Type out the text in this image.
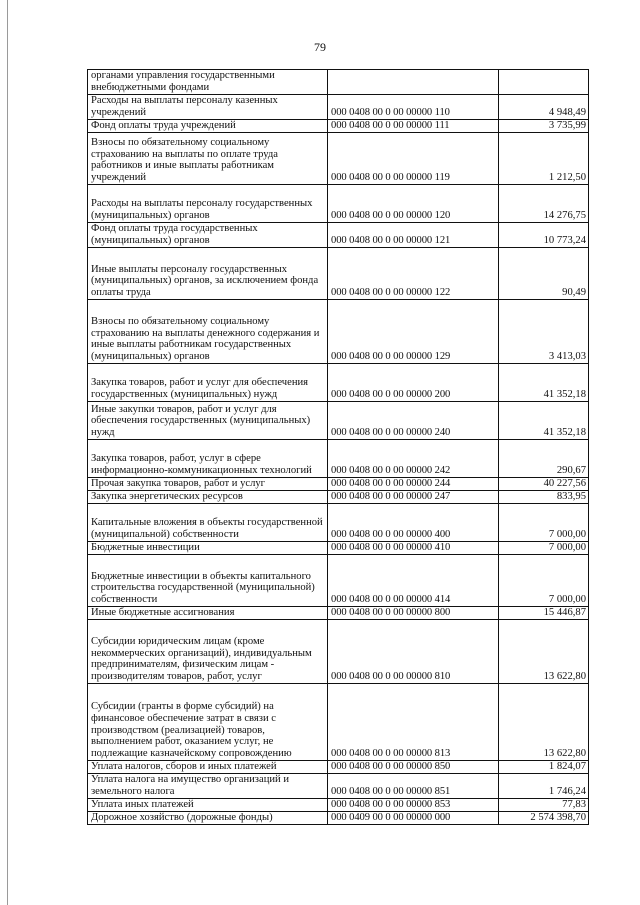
79
органами управления государственными внебюджетными фондами		
Расходы на выплаты персоналу казенных учреждений	000 0408 00 0 00 00000 110	4 948,49
Фонд оплаты труда учреждений	000 0408 00 0 00 00000 111	3 735,99
Взносы по обязательному социальному страхованию на выплаты по оплате труда работников и иные выплаты работникам учреждений	000 0408 00 0 00 00000 119	1 212,50
Расходы на выплаты персоналу государственных (муниципальных) органов	000 0408 00 0 00 00000 120	14 276,75
Фонд оплаты труда государственных (муниципальных) органов	000 0408 00 0 00 00000 121	10 773,24
Иные выплаты персоналу государственных (муниципальных) органов, за исключением фонда оплаты труда	000 0408 00 0 00 00000 122	90,49
Взносы по обязательному социальному страхованию на выплаты денежного содержания и иные выплаты работникам государственных (муниципальных) органов	000 0408 00 0 00 00000 129	3 413,03
Закупка товаров, работ и услуг для обеспечения государственных (муниципальных) нужд	000 0408 00 0 00 00000 200	41 352,18
Иные закупки товаров, работ и услуг для обеспечения государственных (муниципальных) нужд	000 0408 00 0 00 00000 240	41 352,18
Закупка товаров, работ, услуг в сфере информационно-коммуникационных технологий	000 0408 00 0 00 00000 242	290,67
Прочая закупка товаров, работ и услуг	000 0408 00 0 00 00000 244	40 227,56
Закупка энергетических ресурсов	000 0408 00 0 00 00000 247	833,95
Капитальные вложения в объекты государственной (муниципальной) собственности	000 0408 00 0 00 00000 400	7 000,00
Бюджетные инвестиции	000 0408 00 0 00 00000 410	7 000,00
Бюджетные инвестиции в объекты капитального строительства государственной (муниципальной) собственности	000 0408 00 0 00 00000 414	7 000,00
Иные бюджетные ассигнования	000 0408 00 0 00 00000 800	15 446,87
Субсидии юридическим лицам (кроме некоммерческих организаций), индивидуальным предпринимателям, физическим лицам - производителям товаров, работ, услуг	000 0408 00 0 00 00000 810	13 622,80
Субсидии (гранты в форме субсидий) на финансовое обеспечение затрат в связи с производством (реализацией) товаров, выполнением работ, оказанием услуг, не подлежащие казначейскому сопровождению	000 0408 00 0 00 00000 813	13 622,80
Уплата налогов, сборов и иных платежей	000 0408 00 0 00 00000 850	1 824,07
Уплата налога на имущество организаций и земельного налога	000 0408 00 0 00 00000 851	1 746,24
Уплата иных платежей	000 0408 00 0 00 00000 853	77,83
Дорожное хозяйство (дорожные фонды)	000 0409 00 0 00 00000 000	2 574 398,70
